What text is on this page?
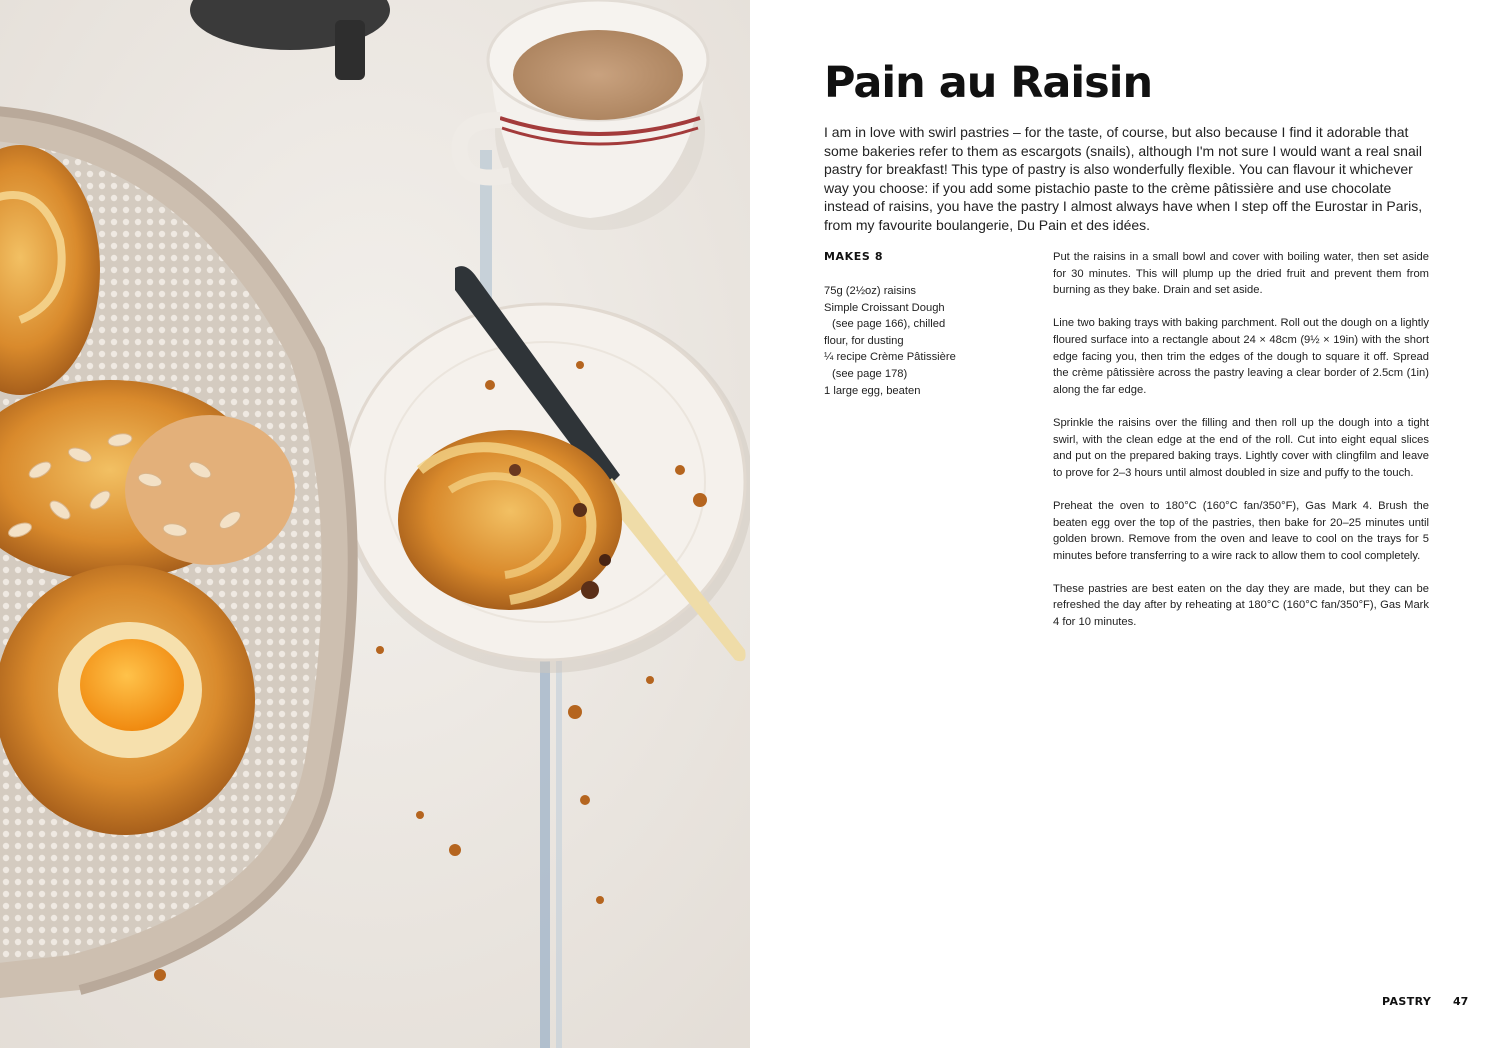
Pain au Raisin

I am in love with swirl pastries – for the taste, of course, but also because I find it adorable that some bakeries refer to them as escargots (snails), although I'm not sure I would want a real snail pastry for breakfast! This type of pastry is also wonderfully flexible. You can flavour it whichever way you choose: if you add some pistachio paste to the crème pâtissière and use chocolate instead of raisins, you have the pastry I almost always have when I step off the Eurostar in Paris, from my favourite boulangerie, Du Pain et des idées.

MAKES 8
75g (2½oz) raisins
Simple Croissant Dough
(see page 166), chilled
flour, for dusting
¼ recipe Crème Pâtissière
(see page 178)
1 large egg, beaten

Put the raisins in a small bowl and cover with boiling water, then set aside for 30 minutes. This will plump up the dried fruit and prevent them from burning as they bake. Drain and set aside.

Line two baking trays with baking parchment. Roll out the dough on a lightly floured surface into a rectangle about 24 × 48cm (9½ × 19in) with the short edge facing you, then trim the edges of the dough to square it off. Spread the crème pâtissière across the pastry leaving a clear border of 2.5cm (1in) along the far edge.

Sprinkle the raisins over the filling and then roll up the dough into a tight swirl, with the clean edge at the end of the roll. Cut into eight equal slices and put on the prepared baking trays. Lightly cover with clingfilm and leave to prove for 2–3 hours until almost doubled in size and puffy to the touch.

Preheat the oven to 180°C (160°C fan/350°F), Gas Mark 4. Brush the beaten egg over the top of the pastries, then bake for 20–25 minutes until golden brown. Remove from the oven and leave to cool on the trays for 5 minutes before transferring to a wire rack to allow them to cool completely.

These pastries are best eaten on the day they are made, but they can be refreshed the day after by reheating at 180°C (160°C fan/350°F), Gas Mark 4 for 10 minutes.

PASTRY 47
